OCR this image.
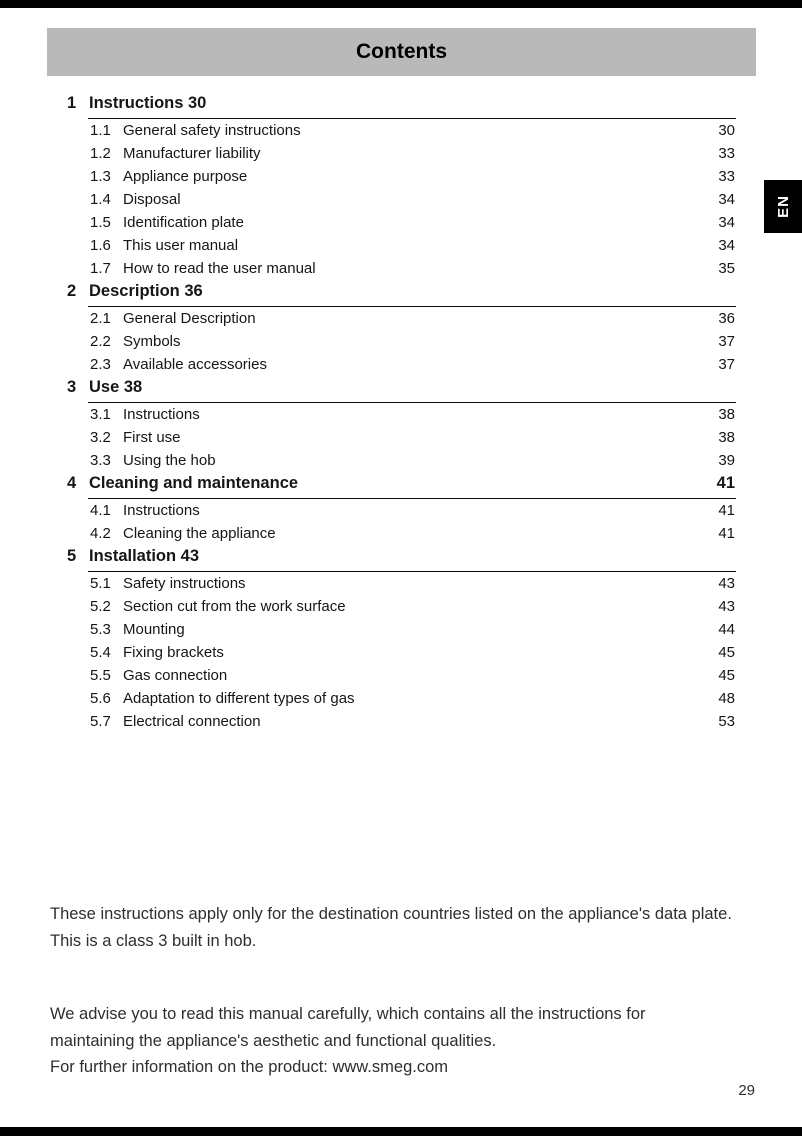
Contents
EN
1 Instructions 30
1.1 General safety instructions	30
1.2 Manufacturer liability	33
1.3 Appliance purpose	33
1.4 Disposal	34
1.5 Identification plate	34
1.6 This user manual	34
1.7 How to read the user manual	35
2 Description 36
2.1 General Description	36
2.2 Symbols	37
2.3 Available accessories	37
3 Use 38
3.1 Instructions	38
3.2 First use	38
3.3 Using the hob	39
4 Cleaning and maintenance	41
4.1 Instructions	41
4.2 Cleaning the appliance	41
5 Installation 43
5.1 Safety instructions	43
5.2 Section cut from the work surface	43
5.3 Mounting	44
5.4 Fixing brackets	45
5.5 Gas connection	45
5.6 Adaptation to different types of gas	48
5.7 Electrical connection	53

These instructions apply only for the destination countries listed on the appliance's data plate.

This is a class 3 built in hob.

We advise you to read this manual carefully, which contains all the instructions for

maintaining the appliance's aesthetic and functional qualities.

For further information on the product: www.smeg.com

29
